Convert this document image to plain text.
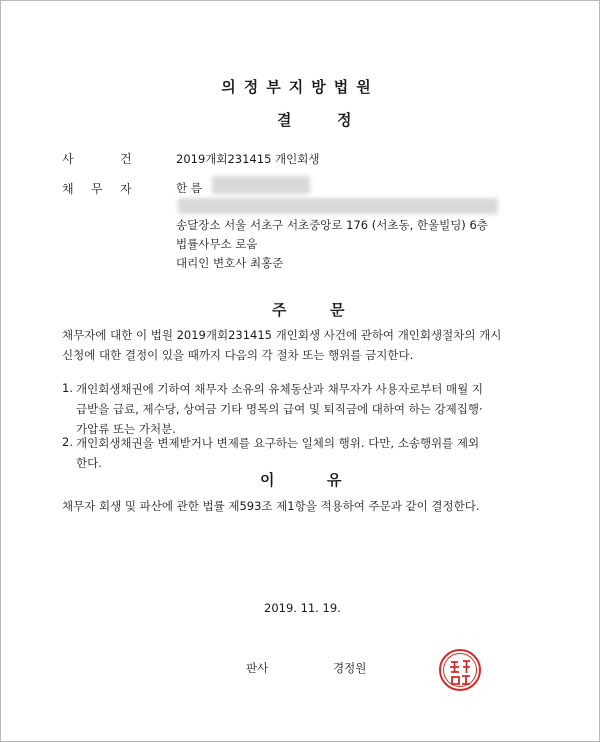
의정부지방법원
결	정
사	건	2019개회231415 개인회생
채 무 자	한 름
송달장소 서울 서초구 서초중앙로 176 (서초동, 한울빌딩) 6층
법률사무소 로움
대리인 변호사 최홍준
주	문
채무자에 대한 이 법원 2019개회231415 개인회생 사건에 관하여 개인회생절차의 개시
신청에 대한 결정이 있을 때까지 다음의 각 절차 또는 행위를 금지한다.
1. 개인회생채권에 기하여 채무자 소유의 유체동산과 채무자가 사용자로부터 매월 지
급받을 급료, 제수당, 상여금 기타 명목의 급여 및 퇴직금에 대하여 하는 강제집행·
가압류 또는 가처분.
2. 개인회생채권을 변제받거나 변제를 요구하는 일체의 행위. 다만, 소송행위를 제외
한다.
이	유
채무자 회생 및 파산에 관한 법률 제593조 제1항을 적용하여 주문과 같이 결정한다.
2019. 11. 19.
판사	경정원
